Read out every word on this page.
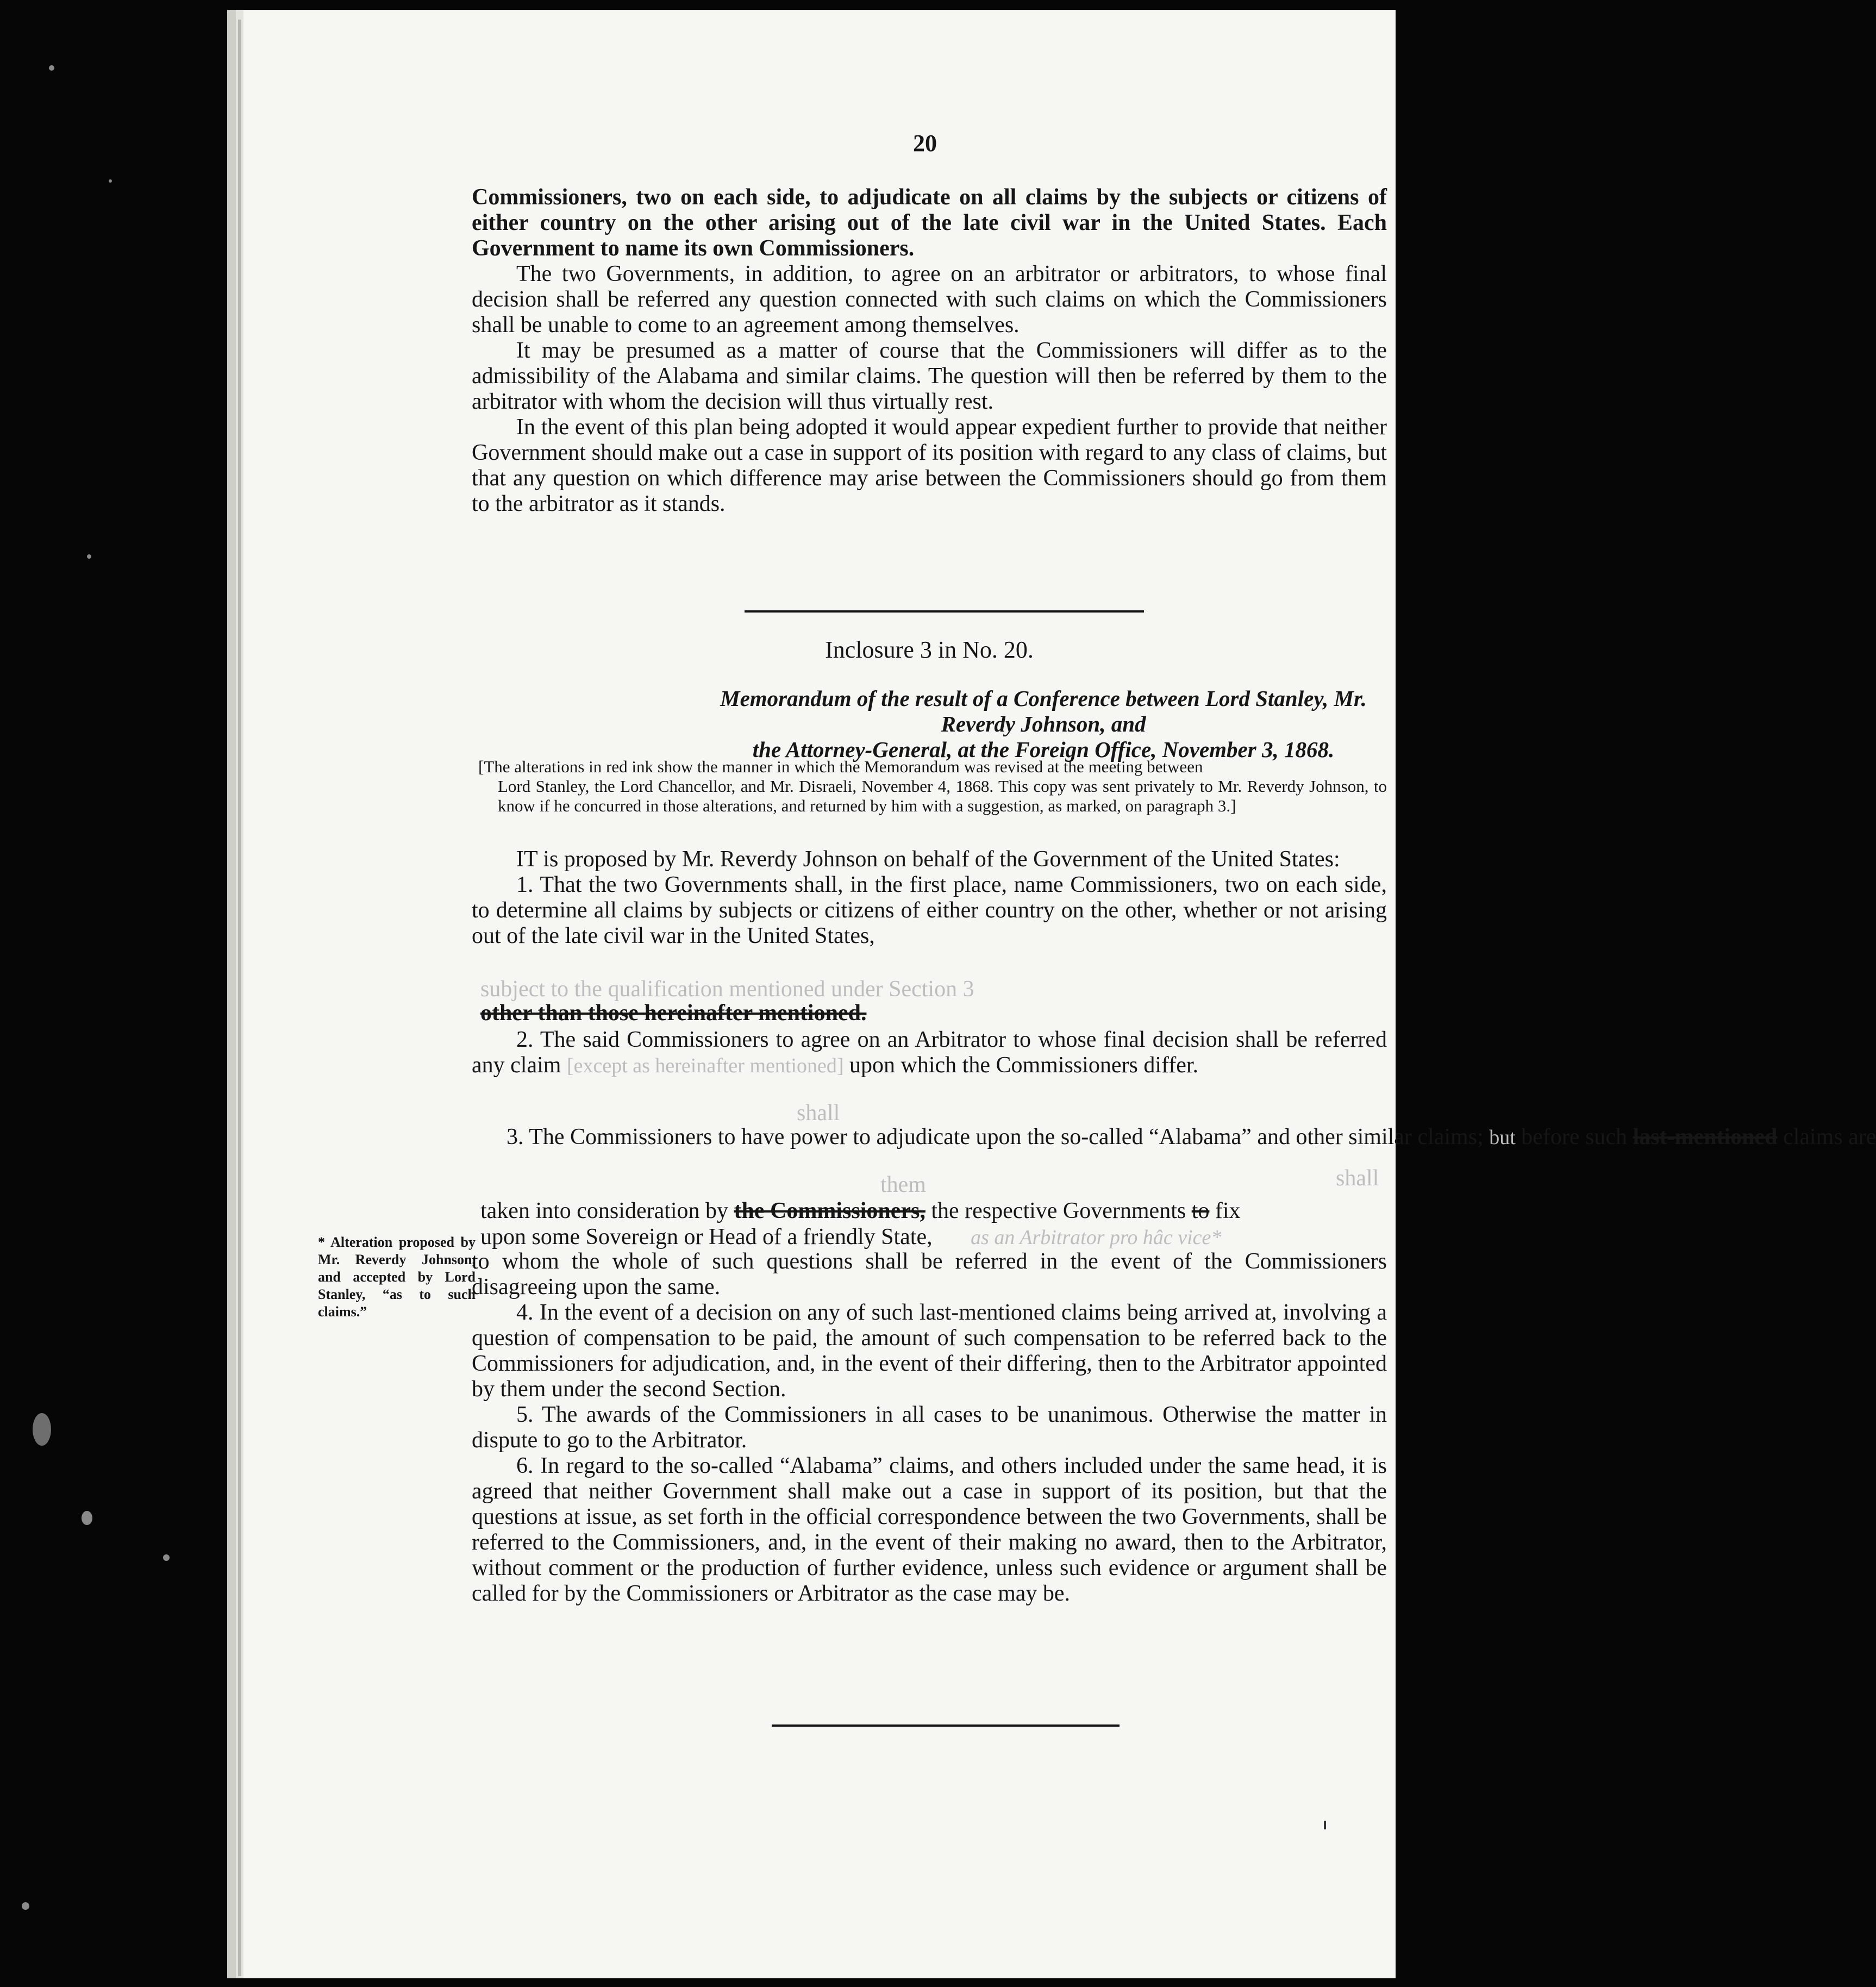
20

Commissioners, two on each side, to adjudicate on all claims by the subjects or citizens of either country on the other arising out of the late civil war in the United States. Each Government to name its own Commissioners.

The two Governments, in addition, to agree on an arbitrator or arbitrators, to whose final decision shall be referred any question connected with such claims on which the Commissioners shall be unable to come to an agreement among themselves.

It may be presumed as a matter of course that the Commissioners will differ as to the admissibility of the Alabama and similar claims. The question will then be referred by them to the arbitrator with whom the decision will thus virtually rest.

In the event of this plan being adopted it would appear expedient further to provide that neither Government should make out a case in support of its position with regard to any class of claims, but that any question on which difference may arise between the Commissioners should go from them to the arbitrator as it stands.

Inclosure 3 in No. 20.
Memorandum of the result of a Conference between Lord Stanley, Mr. Reverdy Johnson, and
the Attorney-General, at the Foreign Office, November 3, 1868.
[The alterations in red ink show the manner in which the Memorandum was revised at the meeting between
Lord Stanley, the Lord Chancellor, and Mr. Disraeli, November 4, 1868. This copy was sent privately to Mr. Reverdy Johnson, to know if he concurred in those alterations, and returned by him with a suggestion, as marked, on paragraph 3.]

IT is proposed by Mr. Reverdy Johnson on behalf of the Government of the United States:

1. That the two Governments shall, in the first place, name Commissioners, two on each side, to determine all claims by subjects or citizens of either country on the other, whether or not arising out of the late civil war in the United States,

subject to the qualification mentioned under Section 3
other than those hereinafter mentioned.

2. The said Commissioners to agree on an Arbitrator to whose final decision shall be referred any claim [except as hereinafter mentioned] upon which the Commissioners differ.

shall
3. The Commissioners to have power to adjudicate upon the so-called “Alabama” and other similar claims; but before such last-mentioned claims are
them	shall
taken into consideration by the Commissioners, the respective Governments to fix
upon some Sovereign or Head of a friendly State, as an Arbitrator pro hâc vice*
* Alteration proposed by Mr. Reverdy Johnson, and accepted by Lord Stanley, “as to such claims.”

to whom the whole of such questions shall be referred in the event of the Commissioners disagreeing upon the same.

4. In the event of a decision on any of such last-mentioned claims being arrived at, involving a question of compensation to be paid, the amount of such compensation to be referred back to the Commissioners for adjudication, and, in the event of their differing, then to the Arbitrator appointed by them under the second Section.

5. The awards of the Commissioners in all cases to be unanimous. Otherwise the matter in dispute to go to the Arbitrator.

6. In regard to the so-called “Alabama” claims, and others included under the same head, it is agreed that neither Government shall make out a case in support of its position, but that the questions at issue, as set forth in the official correspondence between the two Governments, shall be referred to the Commissioners, and, in the event of their making no award, then to the Arbitrator, without comment or the production of further evidence, unless such evidence or argument shall be called for by the Commissioners or Arbitrator as the case may be.
